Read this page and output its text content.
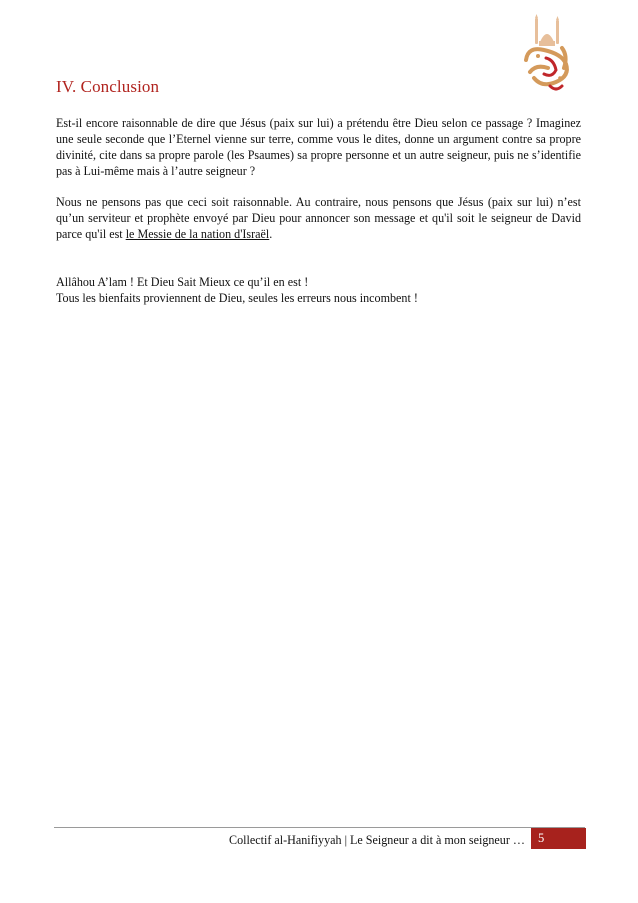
IV. Conclusion

Est-il encore raisonnable de dire que Jésus (paix sur lui) a prétendu être Dieu selon ce passage ? Imaginez une seule seconde que l’Eternel vienne sur terre, comme vous le dites, donne un argument contre sa propre divinité, cite dans sa propre parole (les Psaumes) sa propre personne et un autre seigneur, puis ne s’identifie pas à Lui-même mais à l’autre seigneur ?

Nous ne pensons pas que ceci soit raisonnable. Au contraire, nous pensons que Jésus (paix sur lui) n’est qu’un serviteur et prophète envoyé par Dieu pour annoncer son message et qu'il soit le seigneur de David parce qu'il est le Messie de la nation d'Israël.

Allâhou A’lam ! Et Dieu Sait Mieux ce qu’il en est !

Tous les bienfaits proviennent de Dieu, seules les erreurs nous incombent !

Collectif al-Hanifiyyah | Le Seigneur a dit à mon seigneur …	5
